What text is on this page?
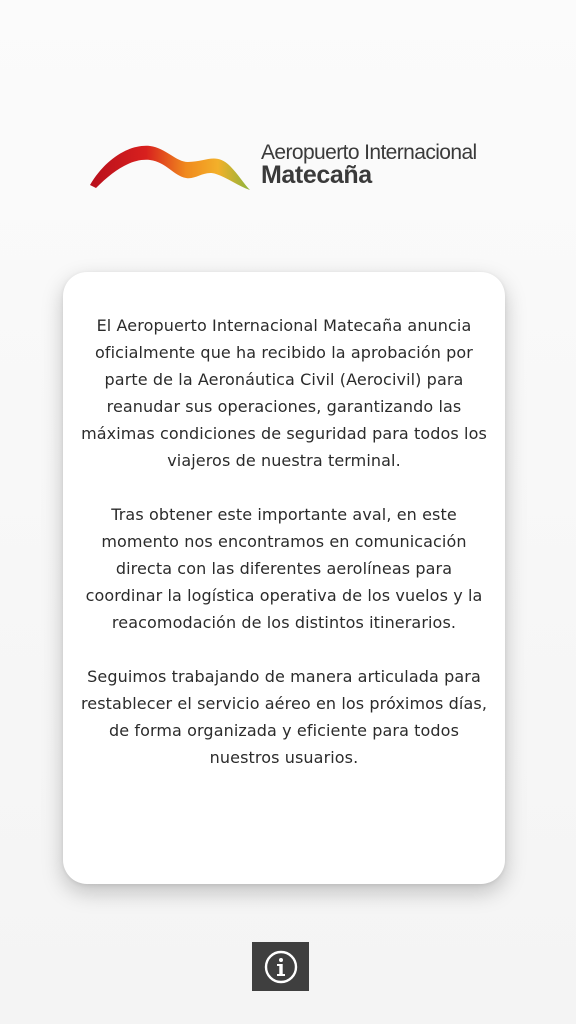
Aeropuerto Internacional
Matecaña

El Aeropuerto Internacional Matecaña anuncia oficialmente que ha recibido la aprobación por parte de la Aeronáutica Civil (Aerocivil) para reanudar sus operaciones, garantizando las máximas condiciones de seguridad para todos los viajeros de nuestra terminal.

Tras obtener este importante aval, en este momento nos encontramos en comunicación directa con las diferentes aerolíneas para coordinar la logística operativa de los vuelos y la reacomodación de los distintos itinerarios.

Seguimos trabajando de manera articulada para restablecer el servicio aéreo en los próximos días, de forma organizada y eficiente para todos nuestros usuarios.
